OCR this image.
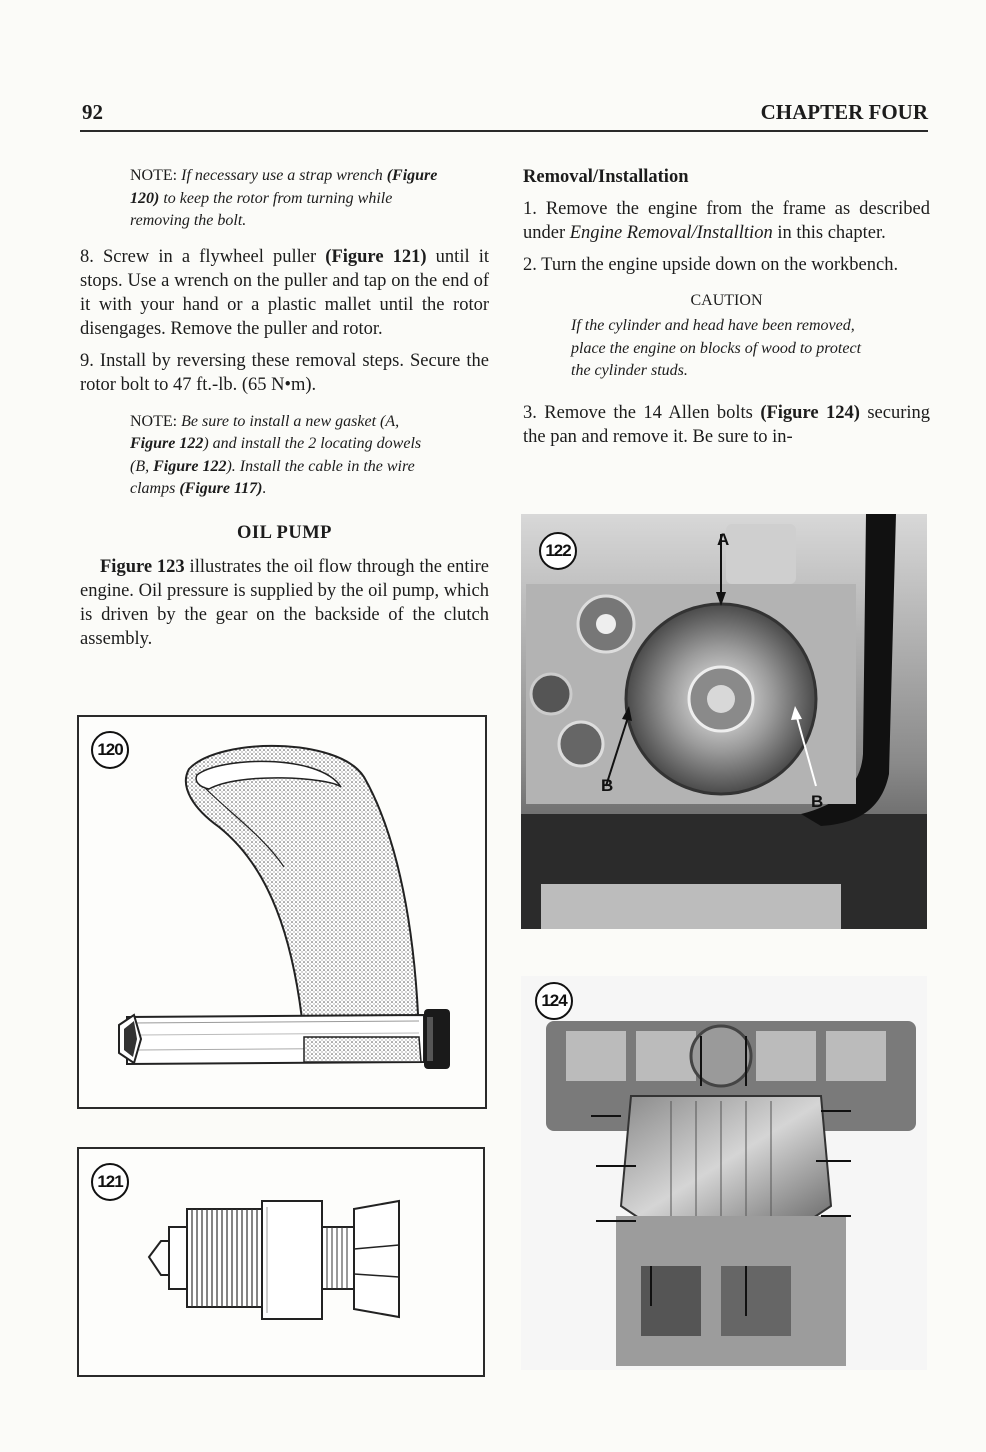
92	CHAPTER FOUR
NOTE: If necessary use a strap wrench (Figure 120) to keep the rotor from turning while removing the bolt.

8. Screw in a flywheel puller (Figure 121) until it stops. Use a wrench on the puller and tap on the end of it with your hand or a plastic mallet until the rotor disengages. Remove the puller and rotor.

9. Install by reversing these removal steps. Secure the rotor bolt to 47 ft.-lb. (65 N•m).

NOTE: Be sure to install a new gasket (A, Figure 122) and install the 2 locating dowels (B, Figure 122). Install the cable in the wire clamps (Figure 117).
OIL PUMP

Figure 123 illustrates the oil flow through the entire engine. Oil pressure is supplied by the oil pump, which is driven by the gear on the backside of the clutch assembly.

Removal/Installation

1. Remove the engine from the frame as described under Engine Removal/Installtion in this chapter.

2. Turn the engine upside down on the workbench.

CAUTION
If the cylinder and head have been removed, place the engine on blocks of wood to protect the cylinder studs.

3. Remove the 14 Allen bolts (Figure 124) securing the pan and remove it. Be sure to in-

120
121
122
A
B
B
124
